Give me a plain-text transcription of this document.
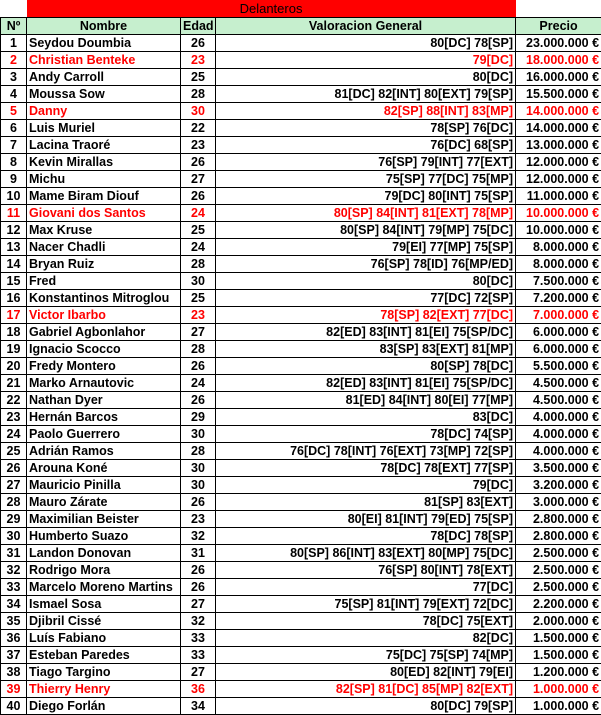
	Delanteros			
Nº	Nombre	Edad	Valoracion General	Precio
1	Seydou Doumbia	26	80[DC] 78[SP]	23.000.000 €
2	Christian Benteke	23	79[DC]	18.000.000 €
3	Andy Carroll	25	80[DC]	16.000.000 €
4	Moussa Sow	28	81[DC] 82[INT] 80[EXT] 79[SP]	15.500.000 €
5	Danny	30	82[SP] 88[INT] 83[MP]	14.000.000 €
6	Luis Muriel	22	78[SP] 76[DC]	14.000.000 €
7	Lacina Traoré	23	76[DC] 68[SP]	13.000.000 €
8	Kevin Mirallas	26	76[SP] 79[INT] 77[EXT]	12.000.000 €
9	Michu	27	75[SP] 77[DC] 75[MP]	12.000.000 €
10	Mame Biram Diouf	26	79[DC] 80[INT] 75[SP]	11.000.000 €
11	Giovani dos Santos	24	80[SP] 84[INT] 81[EXT] 78[MP]	10.000.000 €
12	Max Kruse	25	80[SP] 84[INT] 79[MP] 75[DC]	10.000.000 €
13	Nacer Chadli	24	79[EI] 77[MP] 75[SP]	8.000.000 €
14	Bryan Ruiz	28	76[SP] 78[ID] 76[MP/ED]	8.000.000 €
15	Fred	30	80[DC]	7.500.000 €
16	Konstantinos Mitroglou	25	77[DC] 72[SP]	7.200.000 €
17	Victor Ibarbo	23	78[SP] 82[EXT] 77[DC]	7.000.000 €
18	Gabriel Agbonlahor	27	82[ED] 83[INT] 81[EI] 75[SP/DC]	6.000.000 €
19	Ignacio Scocco	28	83[SP] 83[EXT] 81[MP]	6.000.000 €
20	Fredy Montero	26	80[SP] 78[DC]	5.500.000 €
21	Marko Arnautovic	24	82[ED] 83[INT] 81[EI] 75[SP/DC]	4.500.000 €
22	Nathan Dyer	26	81[ED] 84[INT] 80[EI] 77[MP]	4.500.000 €
23	Hernán Barcos	29	83[DC]	4.000.000 €
24	Paolo Guerrero	30	78[DC] 74[SP]	4.000.000 €
25	Adrián Ramos	28	76[DC] 78[INT] 76[EXT] 73[MP] 72[SP]	4.000.000 €
26	Arouna Koné	30	78[DC] 78[EXT] 77[SP]	3.500.000 €
27	Mauricio Pinilla	30	79[DC]	3.200.000 €
28	Mauro Zárate	26	81[SP] 83[EXT]	3.000.000 €
29	Maximilian Beister	23	80[EI] 81[INT] 79[ED] 75[SP]	2.800.000 €
30	Humberto Suazo	32	78[DC] 78[SP]	2.800.000 €
31	Landon Donovan	31	80[SP] 86[INT] 83[EXT] 80[MP] 75[DC]	2.500.000 €
32	Rodrigo Mora	26	76[SP] 80[INT] 78[EXT]	2.500.000 €
33	Marcelo Moreno Martins	26	77[DC]	2.500.000 €
34	Ismael Sosa	27	75[SP] 81[INT] 79[EXT] 72[DC]	2.200.000 €
35	Djibril Cissé	32	78[DC] 75[EXT]	2.000.000 €
36	Luís Fabiano	33	82[DC]	1.500.000 €
37	Esteban Paredes	33	75[DC] 75[SP] 74[MP]	1.500.000 €
38	Tiago Targino	27	80[ED] 82[INT] 79[EI]	1.200.000 €
39	Thierry Henry	36	82[SP] 81[DC] 85[MP] 82[EXT]	1.000.000 €
40	Diego Forlán	34	80[DC] 79[SP]	1.000.000 €
